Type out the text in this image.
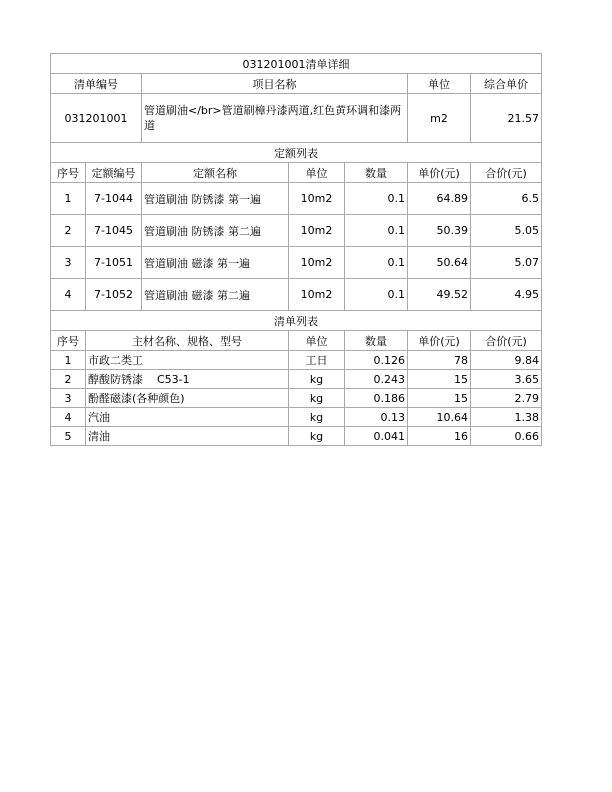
031201001清单详细						
清单编号		项目名称			单位	综合单价
031201001		管道刷油</br>管道刷樟丹漆两道,红色黄环调和漆两道			m2	21.57
定额列表						
序号	定额编号	定额名称	单位	数量	单价(元)	合价(元)
1	7-1044	管道刷油 防锈漆 第一遍	10m2	0.1	64.89	6.5
2	7-1045	管道刷油 防锈漆 第二遍	10m2	0.1	50.39	5.05
3	7-1051	管道刷油 磁漆 第一遍	10m2	0.1	50.64	5.07
4	7-1052	管道刷油 磁漆 第二遍	10m2	0.1	49.52	4.95
清单列表						
序号	主材名称、规格、型号		单位	数量	单价(元)	合价(元)
1	市政二类工		工日	0.126	78	9.84
2	醇酸防锈漆    C53-1		kg	0.243	15	3.65
3	酚醛磁漆(各种颜色)		kg	0.186	15	2.79
4	汽油		kg	0.13	10.64	1.38
5	清油		kg	0.041	16	0.66
